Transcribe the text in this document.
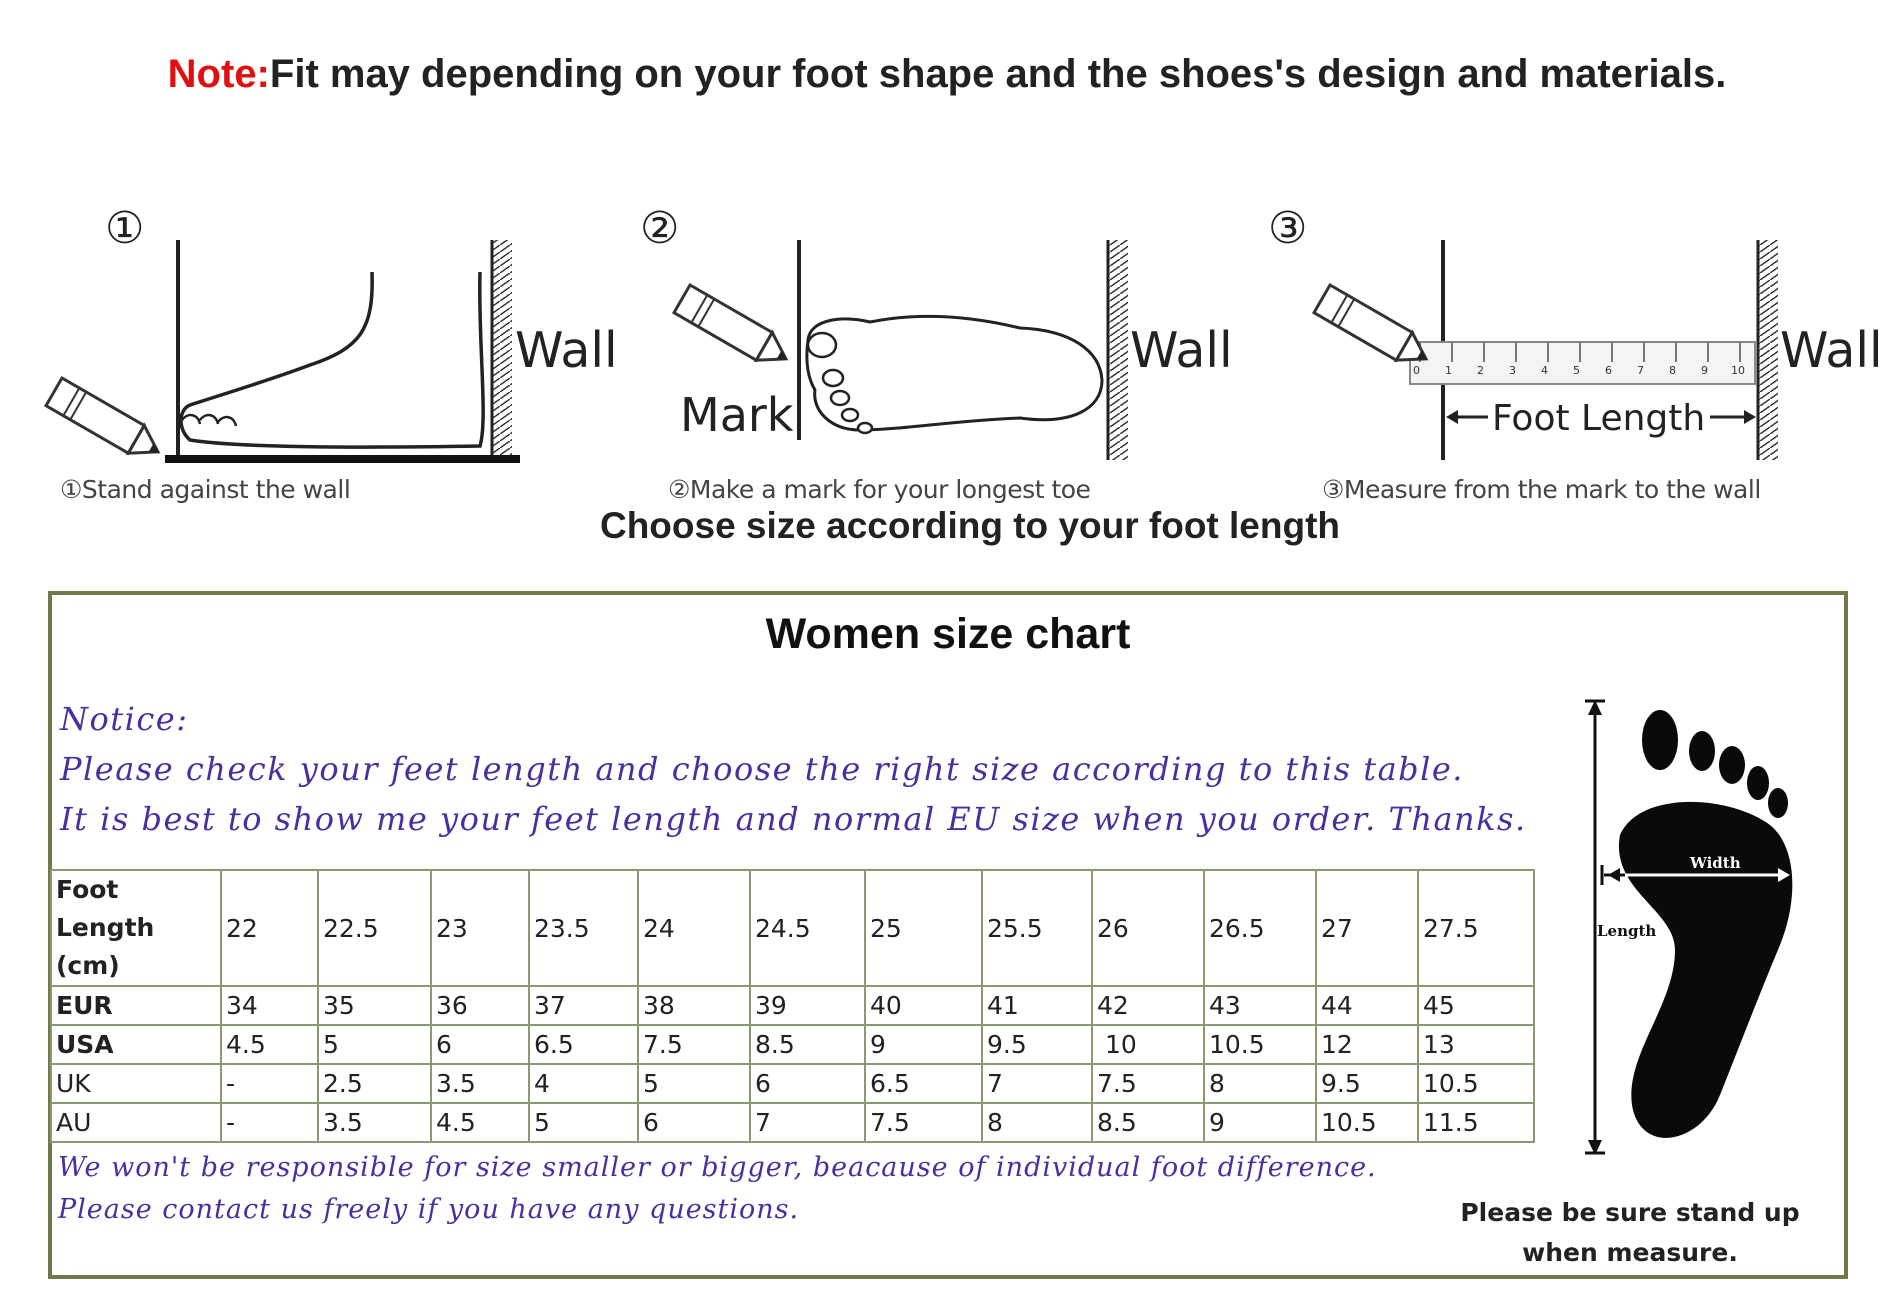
Note:Fit may depending on your foot shape and the shoes's design and materials.
①	②	③
0 1 2 3 4 5 6 7 8 9 10
Wall	Wall	Wall
Mark	Foot Length
①Stand against the wall	②Make a mark for your longest toe	③Measure from the mark to the wall
Choose size according to your foot length
Women size chart
Notice:
Please check your feet length and choose the right size according to this table.
It is best to show me your feet length and normal EU size when you order. Thanks.
Foot Length (cm)	22	22.5	23	23.5	24	24.5	25	25.5	26	26.5	27	27.5
EUR	34	35	36	37	38	39	40	41	42	43	44	45
USA	4.5	5	6	6.5	7.5	8.5	9	9.5	10	10.5	12	13
UK	-	2.5	3.5	4	5	6	6.5	7	7.5	8	9.5	10.5
AU	-	3.5	4.5	5	6	7	7.5	8	8.5	9	10.5	11.5
We won't be responsible for size smaller or bigger, beacause of individual foot difference.
Please contact us freely if you have any questions.
Width
Length
Please be sure stand up when measure.
